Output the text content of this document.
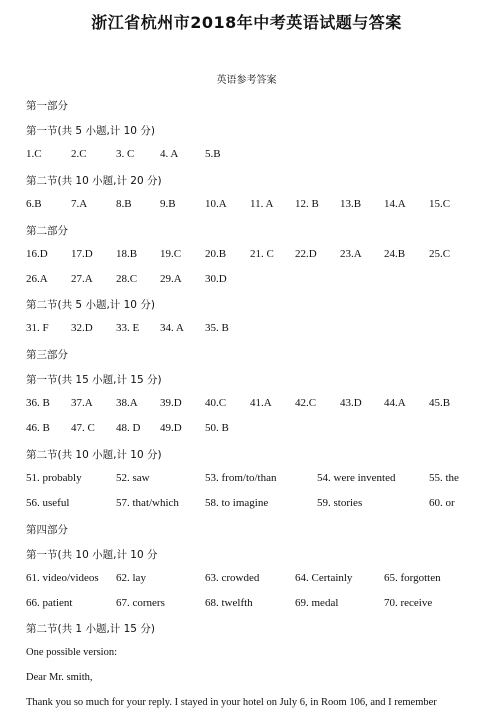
浙江省杭州市2018年中考英语试题与答案
英语参考答案
第一部分
第一节(共 5 小题,计 10 分)
1.C	2.C	3. C 4. A 5.B
第二节(共 10 小题,计 20 分)
6.B	7.A	8.B	9.B	10.A 11. A 12. B 13.B 14.A 15.C
第二部分
16.D 17.D 18.B 19.C 20.B 21. C 22.D 23.A 24.B 25.C
26.A 27.A 28.C 29.A 30.D
第二节(共 5 小题,计 10 分)
31. F 32.D 33. E 34. A 35. B
第三部分
第一节(共 15 小题,计 15 分)
36. B 37.A 38.A 39.D 40.C 41.A 42.C 43.D 44.A 45.B
46. B 47. C 48. D 49.D 50. B
第二节(共 10 小题,计 10 分)
51. probably	52. saw	53. from/to/than	54. were invented	55. the
56. useful	57. that/which 58. to imagine	59. stories	60. or
第四部分
第一节(共 10 小题,计 10 分
61. video/videos 62. lay	63. crowded	64. Certainly	65. forgotten
66. patient	67. corners	68. twelfth	69. medal	70. receive
第二节(共 1 小题,计 15 分)
One possible version:
Dear Mr. smith,
Thank you so much for your reply. I stayed in your hotel on July 6, in Room 106, and I remember
